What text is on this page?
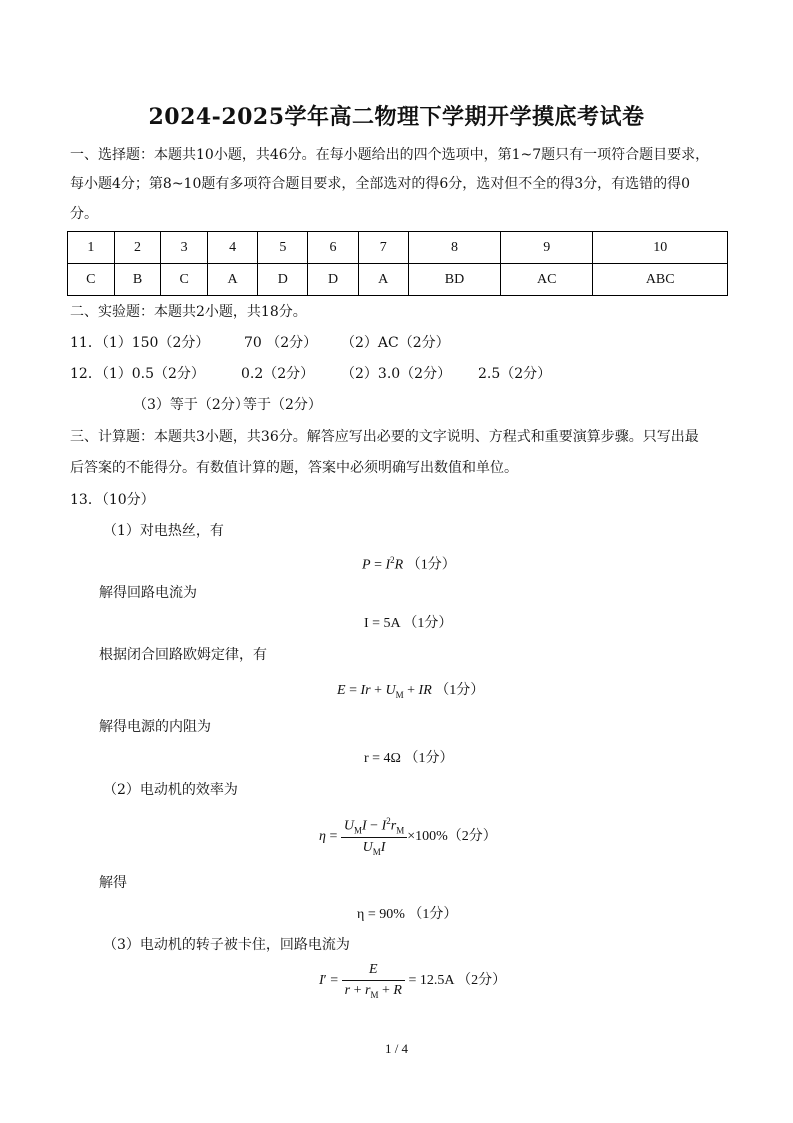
2024-2025学年高二物理下学期开学摸底考试卷
一、选择题：本题共10小题，共46分。在每小题给出的四个选项中，第1~7题只有一项符合题目要求，
每小题4分；第8~10题有多项符合题目要求，全部选对的得6分，选对但不全的得3分，有选错的得0
分。
1	2	3	4	5	6	7	8	9	10
C	B	C	A	D	D	A	BD	AC	ABC
二、实验题：本题共2小题，共18分。
11．（1）150（2分） 70 （2分） （2）AC（2分）
12．（1）0.5（2分）	0.2（2分） （2）3.0（2分） 2.5（2分）
（3）等于（2分）
等于（2分）
三、计算题：本题共3小题，共36分。解答应写出必要的文字说明、方程式和重要演算步骤。只写出最
后答案的不能得分。有数值计算的题，答案中必须明确写出数值和单位。
13．（10分）
（1）对电热丝，有
$P = I^2R$ （1分）
解得回路电流为
I = 5A （1分）
根据闭合回路欧姆定律，有
$E = Ir + U_M$ + IR （1分）
解得电源的内阻为
r = 4Ω （1分）
（2）电动机的效率为
$\eta = \frac{U_MI - I^2r_M}{U_MI} \times 100\%(2$分）
解得
η = 90% （1分）
（3）电动机的转子被卡住，回路电流为
$I' = \frac{E}{r + r_M + R} = 12.5A$ （2分）
1 / 4
